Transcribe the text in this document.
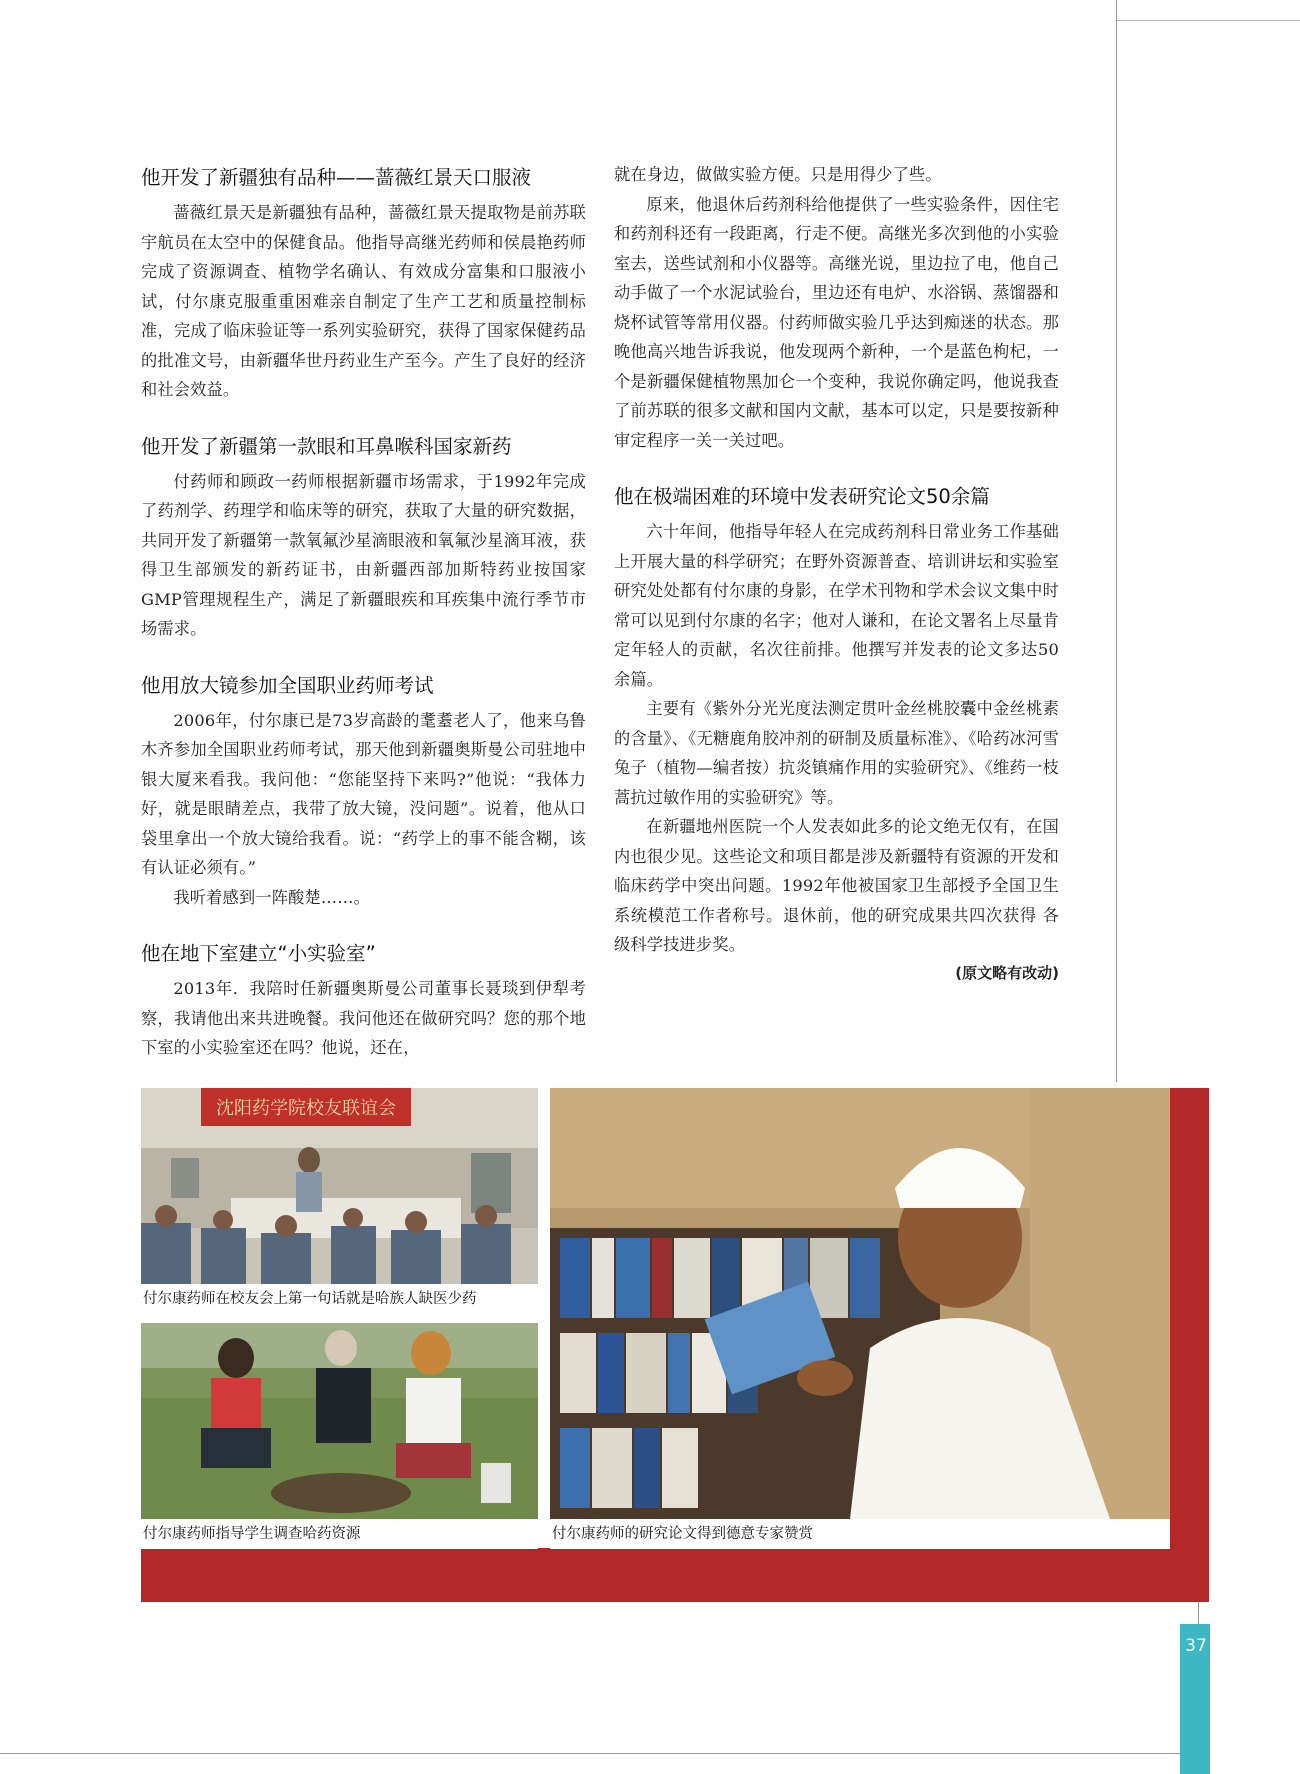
他开发了新疆独有品种——蔷薇红景天口服液

蔷薇红景天是新疆独有品种，蔷薇红景天提取物是前苏联宇航员在太空中的保健食品。他指导高继光药师和侯晨艳药师完成了资源调查、植物学名确认、有效成分富集和口服液小试，付尔康克服重重困难亲自制定了生产工艺和质量控制标准，完成了临床验证等一系列实验研究，获得了国家保健药品的批准文号，由新疆华世丹药业生产至今。产生了良好的经济和社会效益。

他开发了新疆第一款眼和耳鼻喉科国家新药

付药师和顾政一药师根据新疆市场需求，于1992年完成了药剂学、药理学和临床等的研究，获取了大量的研究数据，共同开发了新疆第一款氧氟沙星滴眼液和氧氟沙星滴耳液，获得卫生部颁发的新药证书，由新疆西部加斯特药业按国家GMP管理规程生产，满足了新疆眼疾和耳疾集中流行季节市场需求。

他用放大镜参加全国职业药师考试

2006年，付尔康已是73岁高龄的耄耋老人了，他来乌鲁木齐参加全国职业药师考试，那天他到新疆奥斯曼公司驻地中银大厦来看我。我问他：“您能坚持下来吗?”他说：“我体力好，就是眼睛差点，我带了放大镜，没问题”。说着，他从口袋里拿出一个放大镜给我看。说：“药学上的事不能含糊，该有认证必须有。”

我听着感到一阵酸楚……。

他在地下室建立“小实验室”

2013年．我陪时任新疆奥斯曼公司董事长聂琰到伊犁考察，我请他出来共进晚餐。我问他还在做研究吗？您的那个地下室的小实验室还在吗？他说，还在，

就在身边，做做实验方便。只是用得少了些。

原来，他退休后药剂科给他提供了一些实验条件，因住宅和药剂科还有一段距离，行走不便。高继光多次到他的小实验室去，送些试剂和小仪器等。高继光说，里边拉了电，他自己动手做了一个水泥试验台，里边还有电炉、水浴锅、蒸馏器和烧杯试管等常用仪器。付药师做实验几乎达到痴迷的状态。那晚他高兴地告诉我说，他发现两个新种，一个是蓝色枸杞，一个是新疆保健植物黑加仑一个变种，我说你确定吗，他说我查了前苏联的很多文献和国内文献，基本可以定，只是要按新种审定程序一关一关过吧。

他在极端困难的环境中发表研究论文50余篇

六十年间，他指导年轻人在完成药剂科日常业务工作基础上开展大量的科学研究；在野外资源普查、培训讲坛和实验室研究处处都有付尔康的身影，在学术刊物和学术会议文集中时常可以见到付尔康的名字；他对人谦和，在论文署名上尽量肯定年轻人的贡献，名次往前排。他撰写并发表的论文多达50余篇。

主要有《紫外分光光度法测定贯叶金丝桃胶囊中金丝桃素的含量》、《无糖鹿角胶冲剂的研制及质量标准》、《哈药冰河雪兔子（植物—编者按）抗炎镇痛作用的实验研究》、《维药一枝蒿抗过敏作用的实验研究》等。

在新疆地州医院一个人发表如此多的论文绝无仅有，在国内也很少见。这些论文和项目都是涉及新疆特有资源的开发和临床药学中突出问题。1992年他被国家卫生部授予全国卫生系统模范工作者称号。退休前，他的研究成果共四次获得 各级科学技进步奖。

(原文略有改动)
沈阳药学院校友联谊会
付尔康药师在校友会上第一句话就是哈族人缺医少药
付尔康药师指导学生调查哈药资源	付尔康药师的研究论文得到德意专家赞赏
37
